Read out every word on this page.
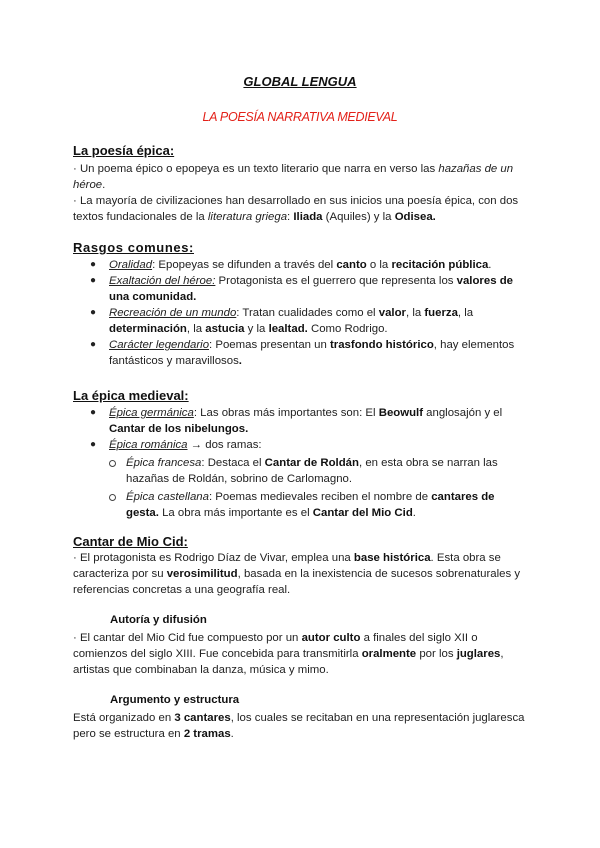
GLOBAL LENGUA
LA POESÍA NARRATIVA MEDIEVAL
La poesía épica:
· Un poema épico o epopeya es un texto literario que narra en verso las hazañas de un héroe.
· La mayoría de civilizaciones han desarrollado en sus inicios una poesía épica, con dos textos fundacionales de la literatura griega: Iliada (Aquiles) y la Odisea.
Rasgos comunes:
● Oralidad: Epopeyas se difunden a través del canto o la recitación pública.
● Exaltación del héroe: Protagonista es el guerrero que representa los valores de una comunidad.
● Recreación de un mundo: Tratan cualidades como el valor, la fuerza, la determinación, la astucia y la lealtad. Como Rodrigo.
● Carácter legendario: Poemas presentan un trasfondo histórico, hay elementos fantásticos y maravillosos.
La épica medieval:
● Épica germánica: Las obras más importantes son: El Beowulf anglosajón y el Cantar de los nibelungos.
● Épica románica → dos ramas:
Épica francesa: Destaca el Cantar de Roldán, en esta obra se narran las hazañas de Roldán, sobrino de Carlomagno.
Épica castellana: Poemas medievales reciben el nombre de cantares de gesta. La obra más importante es el Cantar del Mio Cid.
Cantar de Mio Cid:
· El protagonista es Rodrigo Díaz de Vivar, emplea una base histórica. Esta obra se caracteriza por su verosimilitud, basada en la inexistencia de sucesos sobrenaturales y referencias concretas a una geografía real.
Autoría y difusión
· El cantar del Mio Cid fue compuesto por un autor culto a finales del siglo XII o comienzos del siglo XIII. Fue concebida para transmitirla oralmente por los juglares, artistas que combinaban la danza, música y mimo.
Argumento y estructura
Está organizado en 3 cantares, los cuales se recitaban en una representación juglaresca pero se estructura en 2 tramas.
